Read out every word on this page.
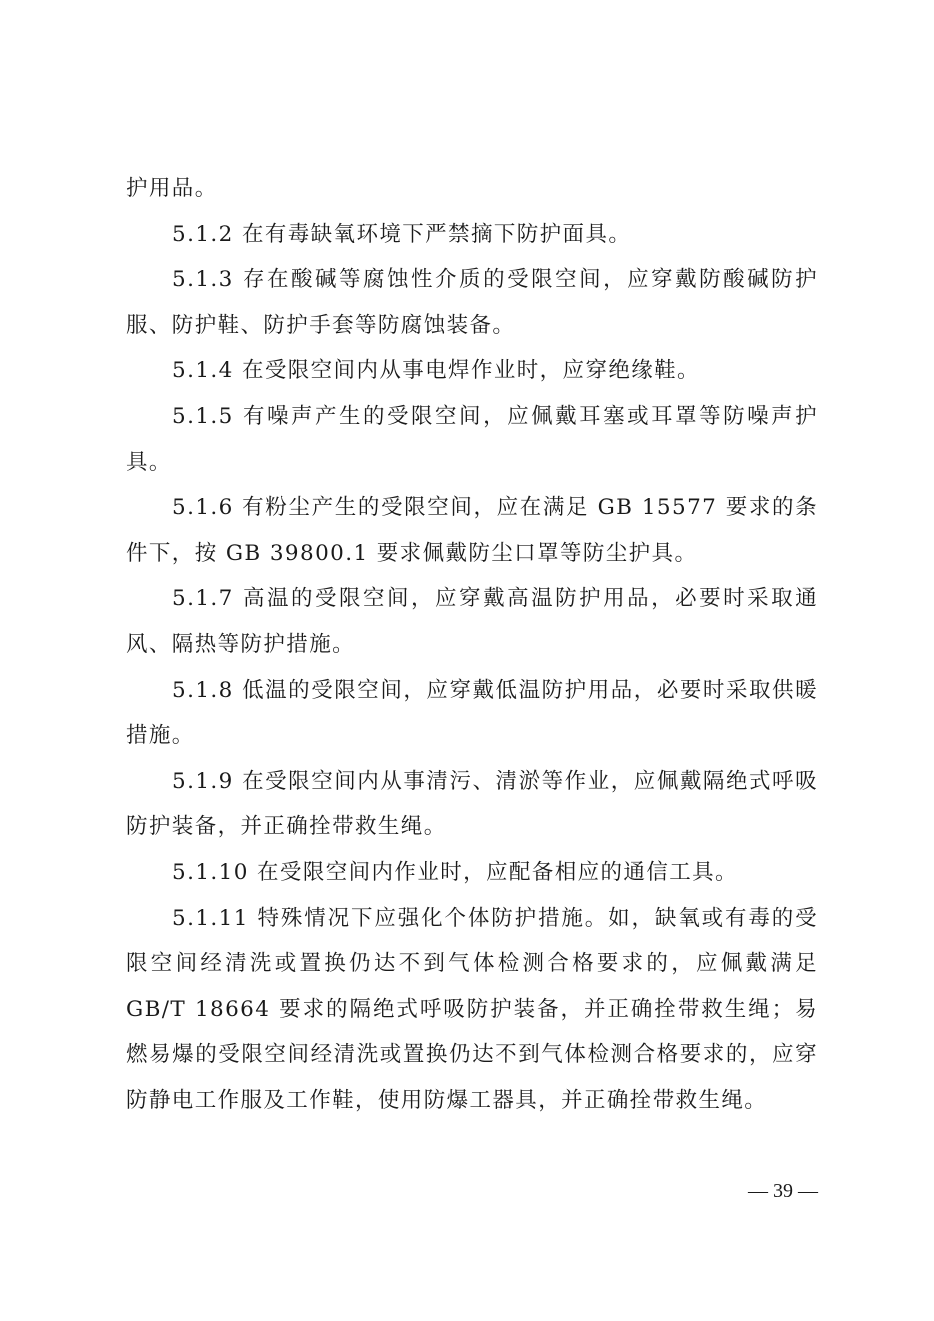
护用品。

5.1.2 在有毒缺氧环境下严禁摘下防护面具。

5.1.3 存在酸碱等腐蚀性介质的受限空间，应穿戴防酸碱防护服、防护鞋、防护手套等防腐蚀装备。

5.1.4 在受限空间内从事电焊作业时，应穿绝缘鞋。

5.1.5 有噪声产生的受限空间，应佩戴耳塞或耳罩等防噪声护具。

5.1.6 有粉尘产生的受限空间，应在满足 GB 15577 要求的条件下，按 GB 39800.1 要求佩戴防尘口罩等防尘护具。

5.1.7 高温的受限空间，应穿戴高温防护用品，必要时采取通风、隔热等防护措施。

5.1.8 低温的受限空间，应穿戴低温防护用品，必要时采取供暖措施。

5.1.9 在受限空间内从事清污、清淤等作业，应佩戴隔绝式呼吸防护装备，并正确拴带救生绳。

5.1.10 在受限空间内作业时，应配备相应的通信工具。

5.1.11 特殊情况下应强化个体防护措施。如，缺氧或有毒的受限空间经清洗或置换仍达不到气体检测合格要求的，应佩戴满足 GB/T 18664 要求的隔绝式呼吸防护装备，并正确拴带救生绳；易燃易爆的受限空间经清洗或置换仍达不到气体检测合格要求的，应穿防静电工作服及工作鞋，使用防爆工器具，并正确拴带救生绳。

— 39 —
